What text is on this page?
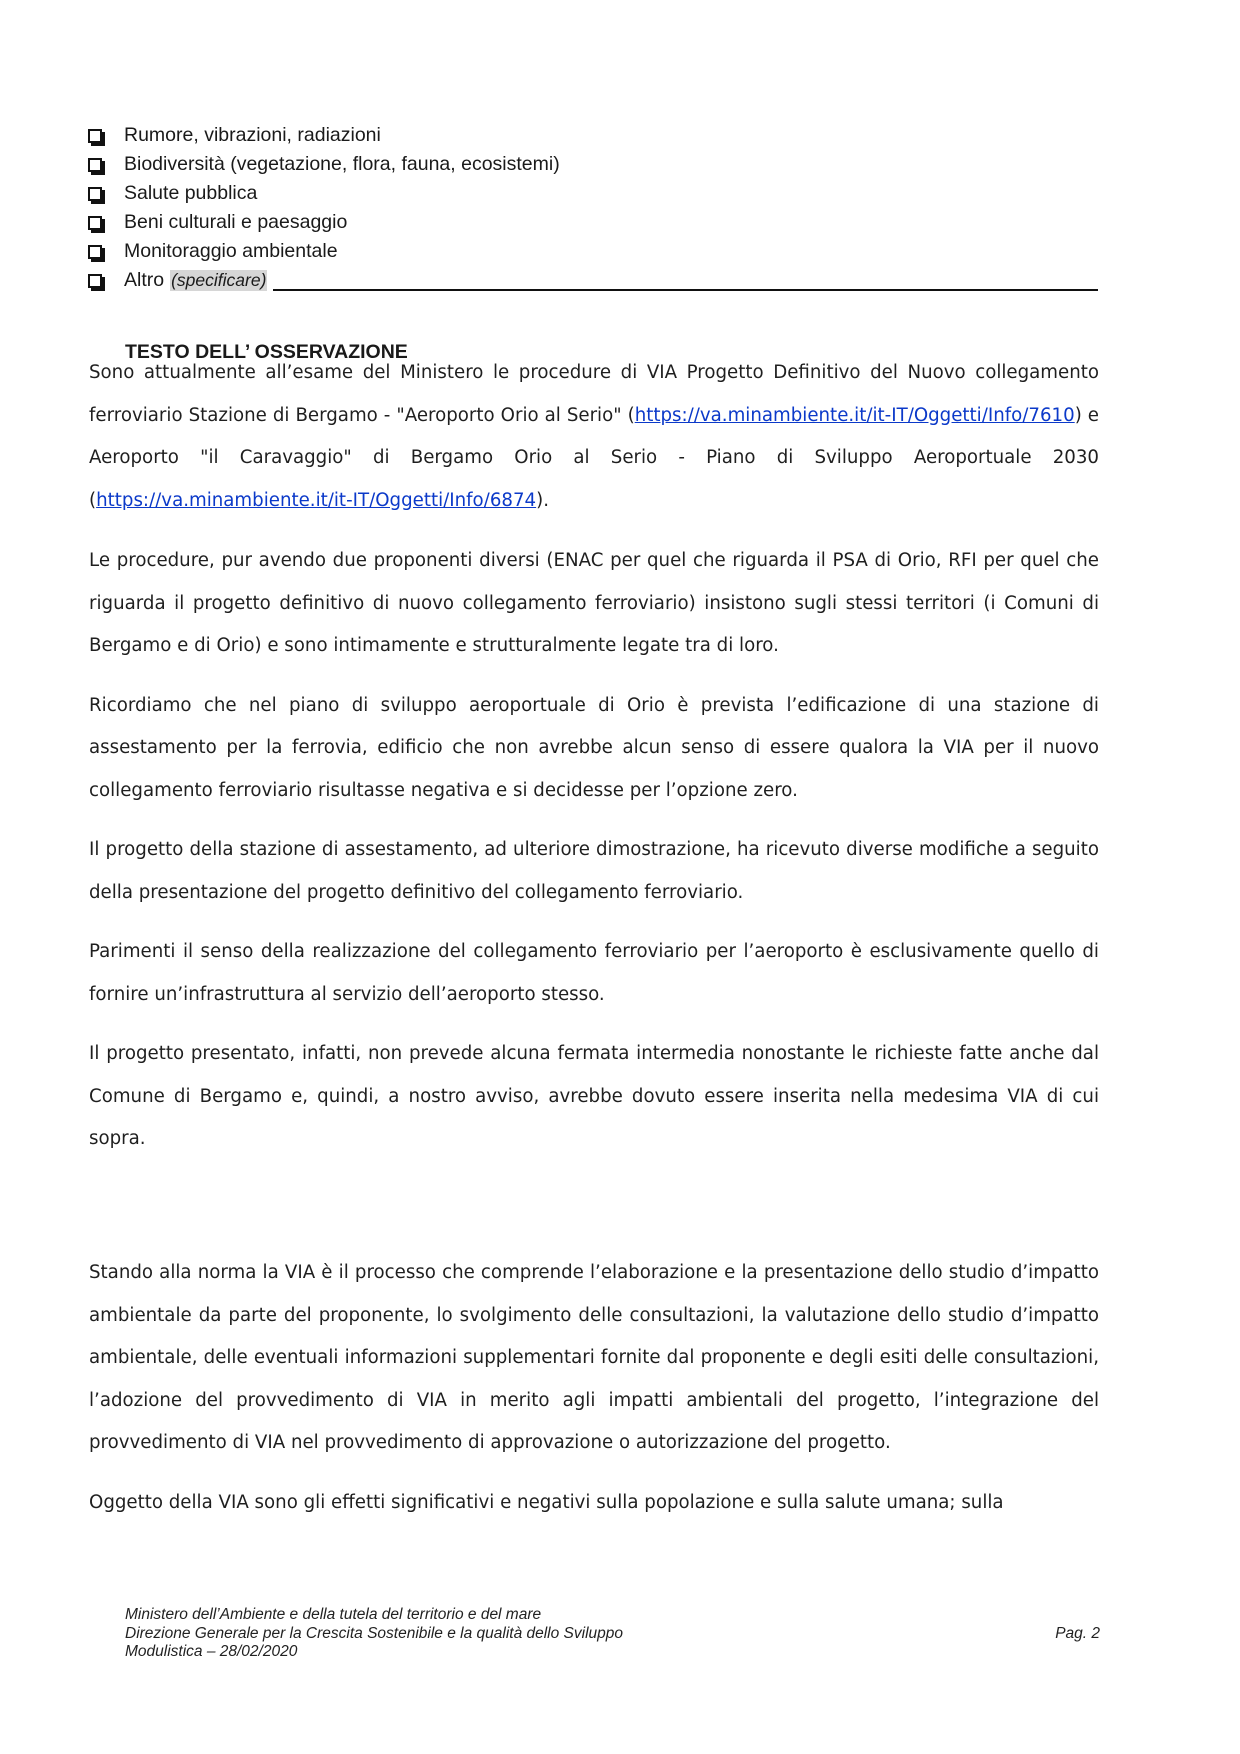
Rumore, vibrazioni, radiazioni
Biodiversità (vegetazione, flora, fauna, ecosistemi)
Salute pubblica
Beni culturali e paesaggio
Monitoraggio ambientale
Altro (specificare)
TESTO DELL’ OSSERVAZIONE

Sono attualmente all’esame del Ministero le procedure di VIA Progetto Definitivo del Nuovo collegamento ferroviario Stazione di Bergamo - "Aeroporto Orio al Serio" (https://va.minambiente.it/it-IT/Oggetti/Info/7610) e Aeroporto "il Caravaggio" di Bergamo Orio al Serio - Piano di Sviluppo Aeroportuale 2030 (https://va.minambiente.it/it-IT/Oggetti/Info/6874).

Le procedure, pur avendo due proponenti diversi (ENAC per quel che riguarda il PSA di Orio, RFI per quel che riguarda il progetto definitivo di nuovo collegamento ferroviario) insistono sugli stessi territori (i Comuni di Bergamo e di Orio) e sono intimamente e strutturalmente legate tra di loro.

Ricordiamo che nel piano di sviluppo aeroportuale di Orio è prevista l’edificazione di una stazione di assestamento per la ferrovia, edificio che non avrebbe alcun senso di essere qualora la VIA per il nuovo collegamento ferroviario risultasse negativa e si decidesse per l’opzione zero.

Il progetto della stazione di assestamento, ad ulteriore dimostrazione, ha ricevuto diverse modifiche a seguito della presentazione del progetto definitivo del collegamento ferroviario.

Parimenti il senso della realizzazione del collegamento ferroviario per l’aeroporto è esclusivamente quello di fornire un’infrastruttura al servizio dell’aeroporto stesso.

Il progetto presentato, infatti, non prevede alcuna fermata intermedia nonostante le richieste fatte anche dal Comune di Bergamo e, quindi, a nostro avviso, avrebbe dovuto essere inserita nella medesima VIA di cui sopra.

Stando alla norma la VIA è il processo che comprende l’elaborazione e la presentazione dello studio d’impatto ambientale da parte del proponente, lo svolgimento delle consultazioni, la valutazione dello studio d’impatto ambientale, delle eventuali informazioni supplementari fornite dal proponente e degli esiti delle consultazioni, l’adozione del provvedimento di VIA in merito agli impatti ambientali del progetto, l’integrazione del provvedimento di VIA nel provvedimento di approvazione o autorizzazione del progetto.

Oggetto della VIA sono gli effetti significativi e negativi sulla popolazione e sulla salute umana; sulla

Ministero dell’Ambiente e della tutela del territorio e del mare
Direzione Generale per la Crescita Sostenibile e la qualità dello Sviluppo
Modulistica – 28/02/2020
Pag. 2
